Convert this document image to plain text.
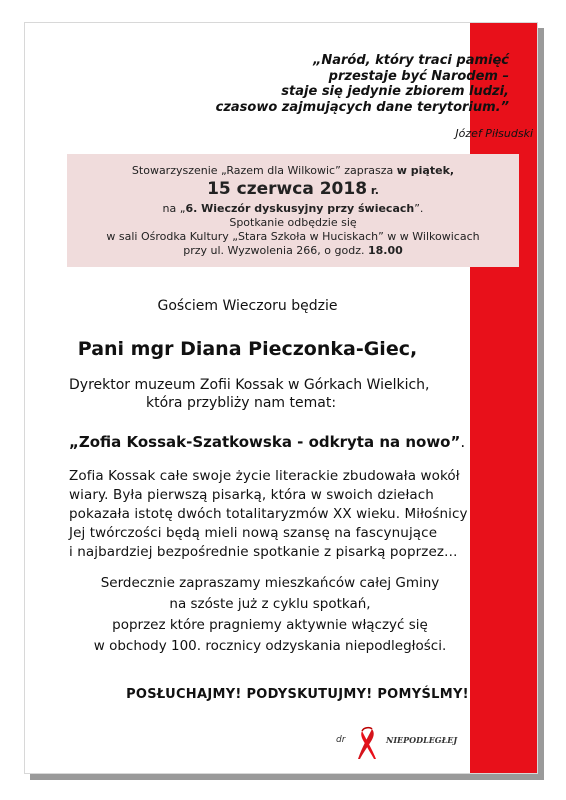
„Naród, który traci pamięć

przestaje być Narodem –

staje się jedynie zbiorem ludzi,

czasowo zajmujących dane terytorium.”

Józef Piłsudski
Stowarzyszenie „Razem dla Wilkowic” zaprasza w piątek,
15 czerwca 2018 r.
na „6. Wieczór dyskusyjny przy świecach”.
Spotkanie odbędzie się
w sali Ośrodka Kultury „Stara Szkoła w Huciskach” w w Wilkowicach
przy ul. Wyzwolenia 266, o godz. 18.00
Gościem Wieczoru będzie
Pani mgr Diana Pieczonka-Giec,
Dyrektor muzeum Zofii Kossak w Górkach Wielkich,
która przybliży nam temat:
„Zofia Kossak-Szatkowska - odkryta na nowo”.

Zofia Kossak całe swoje życie literackie zbudowała wokół

wiary. Była pierwszą pisarką, która w swoich dziełach

pokazała istotę dwóch totalitaryzmów XX wieku. Miłośnicy

Jej twórczości będą mieli nową szansę na fascynujące

i najbardziej bezpośrednie spotkanie z pisarką poprzez…

Serdecznie zapraszamy mieszkańców całej Gminy

na szóste już z cyklu spotkań,

poprzez które pragniemy aktywnie włączyć się

w obchody 100. rocznicy odzyskania niepodległości.

POSŁUCHAJMY! PODYSKUTUJMY! POMYŚLMY!
dr	NIEPODLEGŁEJ
